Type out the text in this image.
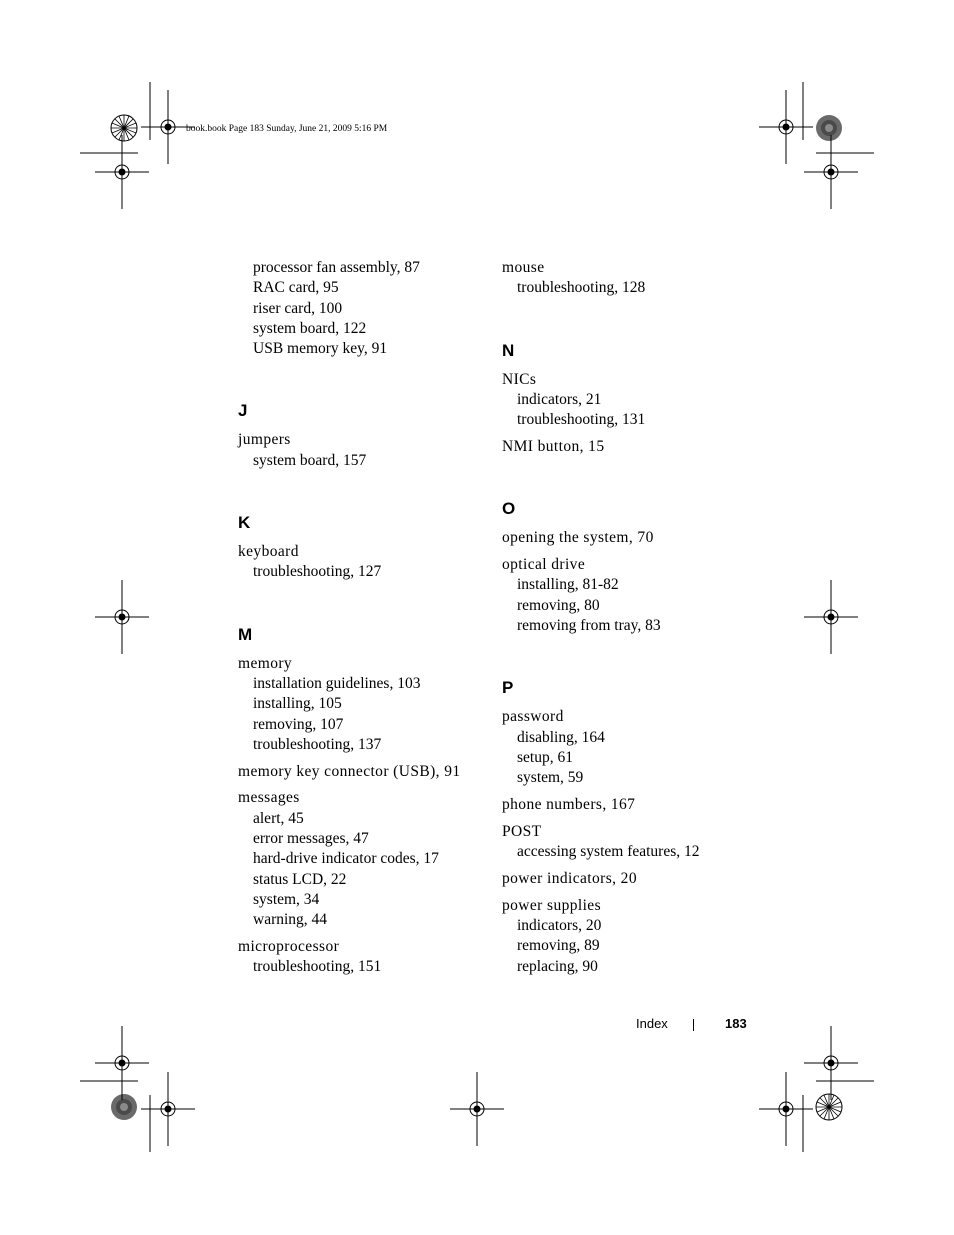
book.book Page 183 Sunday, June 21, 2009 5:16 PM
processor fan assembly, 87
RAC card, 95
riser card, 100
system board, 122
USB memory key, 91
J
jumpers
system board, 157
K
keyboard
troubleshooting, 127
M
memory
installation guidelines, 103
installing, 105
removing, 107
troubleshooting, 137
memory key connector (USB), 91
messages
alert, 45
error messages, 47
hard-drive indicator codes, 17
status LCD, 22
system, 34
warning, 44
microprocessor
troubleshooting, 151
mouse
troubleshooting, 128
N
NICs
indicators, 21
troubleshooting, 131
NMI button, 15
O
opening the system, 70
optical drive
installing, 81-82
removing, 80
removing from tray, 83
P
password
disabling, 164
setup, 61
system, 59
phone numbers, 167
POST
accessing system features, 12
power indicators, 20
power supplies
indicators, 20
removing, 89
replacing, 90
Index	183
